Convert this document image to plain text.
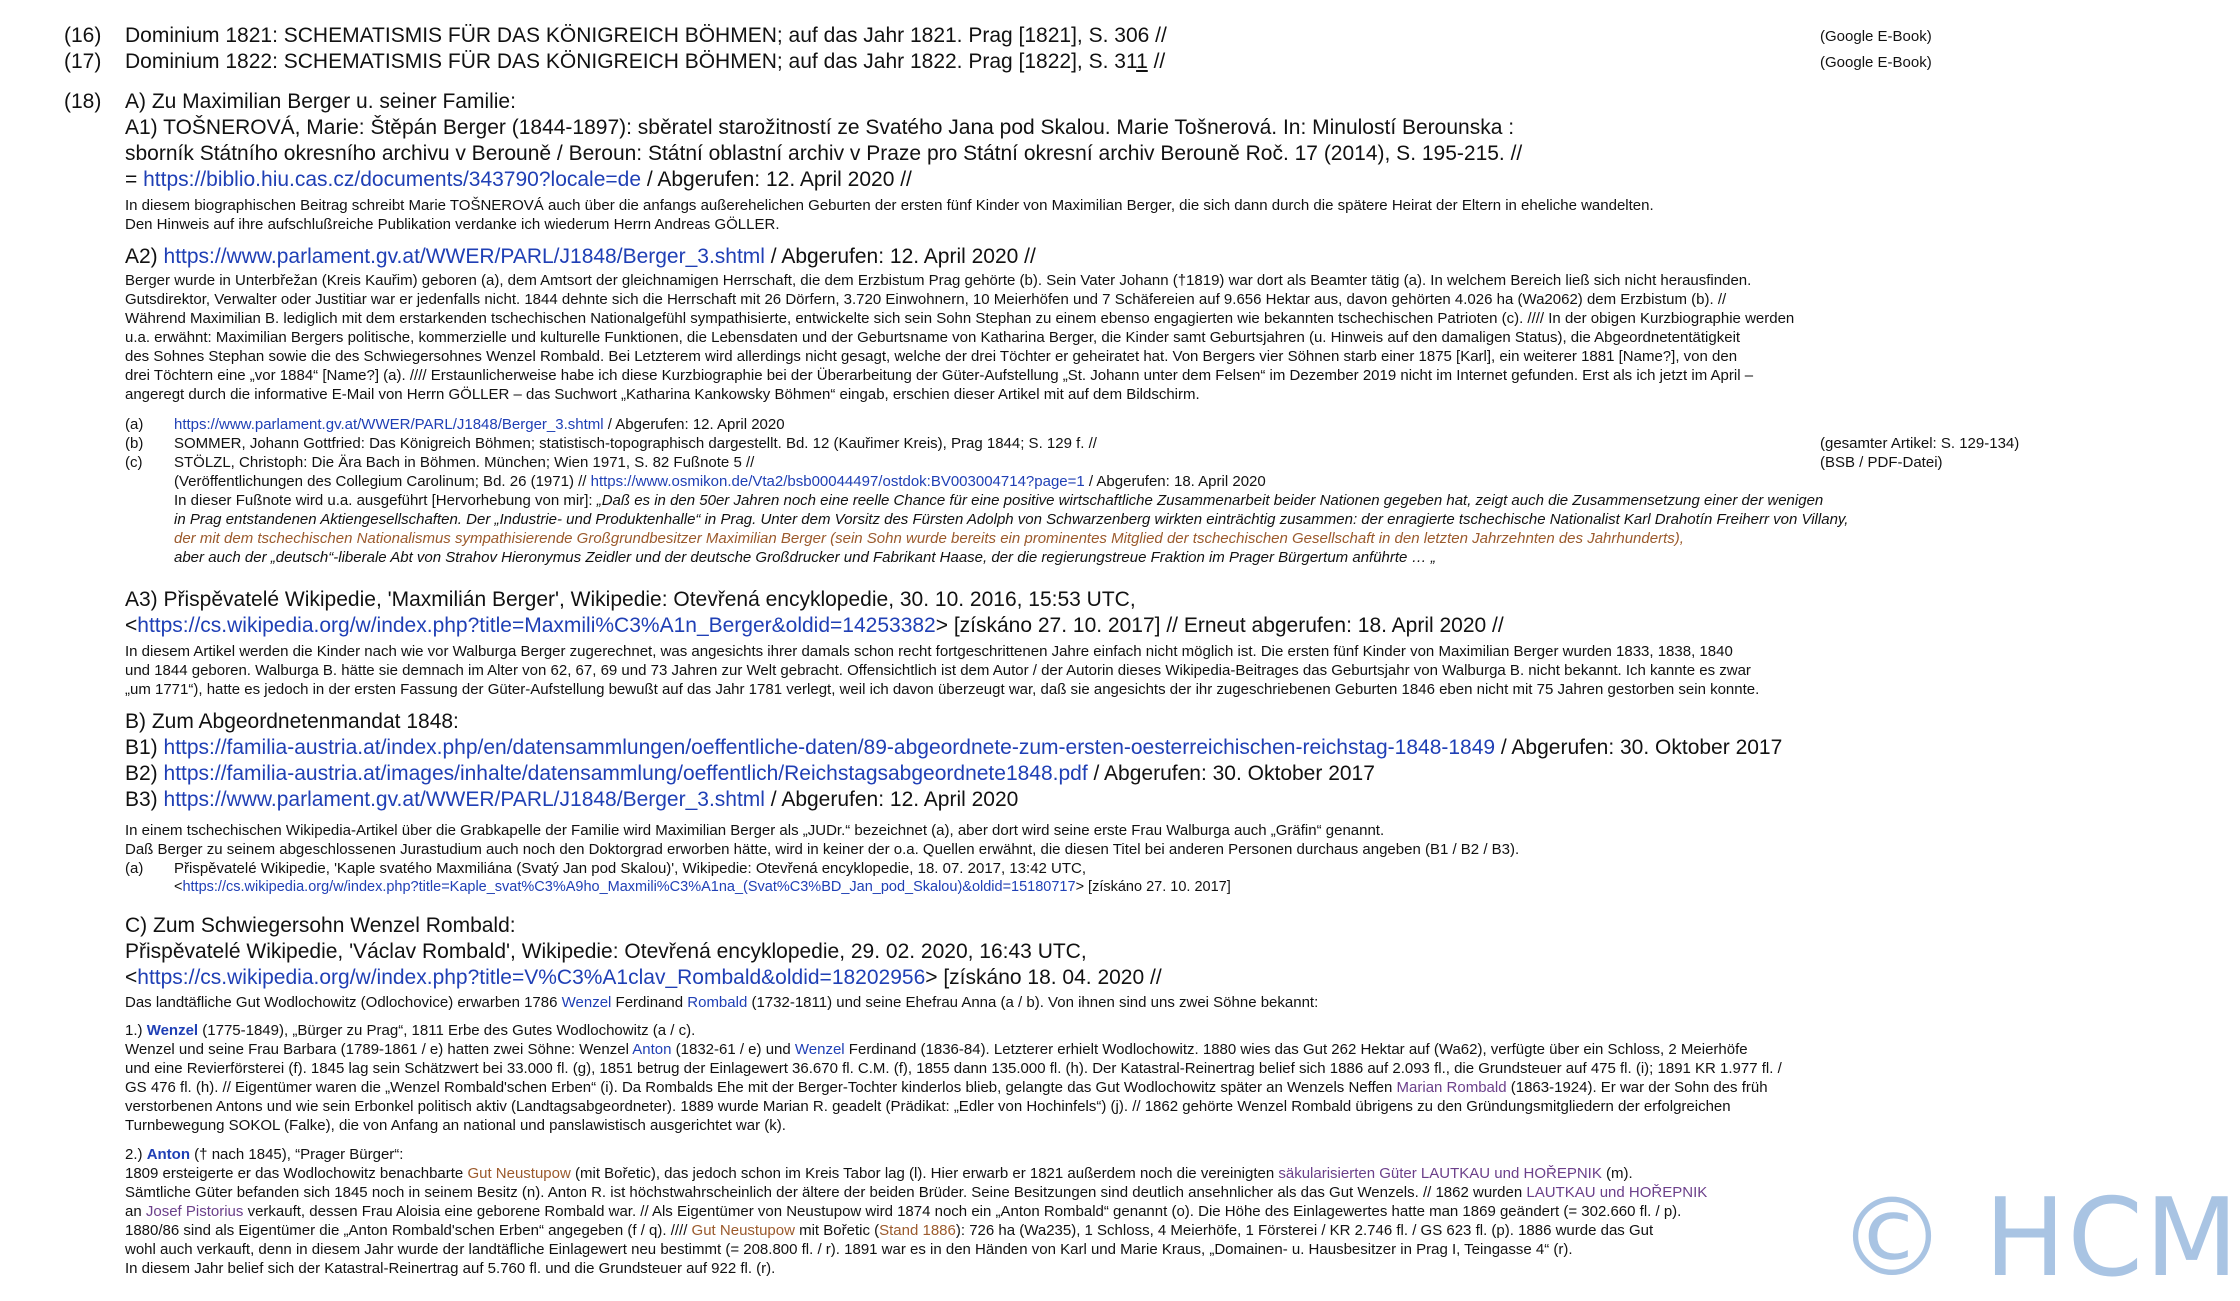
(16) Dominium 1821: SCHEMATISMIS FÜR DAS KÖNIGREICH BÖHMEN; auf das Jahr 1821. Prag [1821], S. 306 //	(Google E-Book)
(17) Dominium 1822: SCHEMATISMIS FÜR DAS KÖNIGREICH BÖHMEN; auf das Jahr 1822. Prag [1822], S. 311 //	(Google E-Book)
(18) A) Zu Maximilian Berger u. seiner Familie:
A1) TOŠNEROVÁ, Marie: Štěpán Berger (1844-1897): sběratel starožitností ze Svatého Jana pod Skalou. Marie Tošnerová. In: Minulostí Berounska :
sborník Státního okresního archivu v Berouně / Beroun: Státní oblastní archiv v Praze pro Státní okresní archiv Berouně Roč. 17 (2014), S. 195-215. //
= https://biblio.hiu.cas.cz/documents/343790?locale=de / Abgerufen: 12. April 2020 //
In diesem biographischen Beitrag schreibt Marie TOŠNEROVÁ auch über die anfangs außerehelichen Geburten der ersten fünf Kinder von Maximilian Berger, die sich dann durch die spätere Heirat der Eltern in eheliche wandelten.
Den Hinweis auf ihre aufschlußreiche Publikation verdanke ich wiederum Herrn Andreas GÖLLER.
A2) https://www.parlament.gv.at/WWER/PARL/J1848/Berger_3.shtml / Abgerufen: 12. April 2020 //
Berger wurde in Unterbřežan (Kreis Kauřim) geboren (a), dem Amtsort der gleichnamigen Herrschaft, die dem Erzbistum Prag gehörte (b). Sein Vater Johann (†1819) war dort als Beamter tätig (a). In welchem Bereich ließ sich nicht herausfinden.
Gutsdirektor, Verwalter oder Justitiar war er jedenfalls nicht. 1844 dehnte sich die Herrschaft mit 26 Dörfern, 3.720 Einwohnern, 10 Meierhöfen und 7 Schäfereien auf 9.656 Hektar aus, davon gehörten 4.026 ha (Wa2062) dem Erzbistum (b). //
Während Maximilian B. lediglich mit dem erstarkenden tschechischen Nationalgefühl sympathisierte, entwickelte sich sein Sohn Stephan zu einem ebenso engagierten wie bekannten tschechischen Patrioten (c). //// In der obigen Kurzbiographie werden
u.a. erwähnt: Maximilian Bergers politische, kommerzielle und kulturelle Funktionen, die Lebensdaten und der Geburtsname von Katharina Berger, die Kinder samt Geburtsjahren (u. Hinweis auf den damaligen Status), die Abgeordnetentätigkeit
des Sohnes Stephan sowie die des Schwiegersohnes Wenzel Rombald. Bei Letzterem wird allerdings nicht gesagt, welche der drei Töchter er geheiratet hat. Von Bergers vier Söhnen starb einer 1875 [Karl], ein weiterer 1881 [Name?], von den
drei Töchtern eine „vor 1884“ [Name?] (a). //// Erstaunlicherweise habe ich diese Kurzbiographie bei der Überarbeitung der Güter-Aufstellung „St. Johann unter dem Felsen“ im Dezember 2019 nicht im Internet gefunden. Erst als ich jetzt im April –
angeregt durch die informative E-Mail von Herrn GÖLLER – das Suchwort „Katharina Kankowsky Böhmen“ eingab, erschien dieser Artikel mit auf dem Bildschirm.
(a) https://www.parlament.gv.at/WWER/PARL/J1848/Berger_3.shtml / Abgerufen: 12. April 2020
(b) SOMMER, Johann Gottfried: Das Königreich Böhmen; statistisch-topographisch dargestellt. Bd. 12 (Kauřimer Kreis), Prag 1844; S. 129 f. //	(gesamter Artikel: S. 129-134)
(c) STÖLZL, Christoph: Die Ära Bach in Böhmen. München; Wien 1971, S. 82 Fußnote 5 //	(BSB / PDF-Datei)
(Veröffentlichungen des Collegium Carolinum; Bd. 26 (1971) // https://www.osmikon.de/Vta2/bsb00044497/ostdok:BV003004714?page=1 / Abgerufen: 18. April 2020
In dieser Fußnote wird u.a. ausgeführt [Hervorhebung von mir]: „Daß es in den 50er Jahren noch eine reelle Chance für eine positive wirtschaftliche Zusammenarbeit beider Nationen gegeben hat, zeigt auch die Zusammensetzung einer der wenigen
in Prag entstandenen Aktiengesellschaften. Der „Industrie- und Produktenhalle“ in Prag. Unter dem Vorsitz des Fürsten Adolph von Schwarzenberg wirkten einträchtig zusammen: der enragierte tschechische Nationalist Karl Drahotín Freiherr von Villany,
der mit dem tschechischen Nationalismus sympathisierende Großgrundbesitzer Maximilian Berger (sein Sohn wurde bereits ein prominentes Mitglied der tschechischen Gesellschaft in den letzten Jahrzehnten des Jahrhunderts),
aber auch der „deutsch“-liberale Abt von Strahov Hieronymus Zeidler und der deutsche Großdrucker und Fabrikant Haase, der die regierungstreue Fraktion im Prager Bürgertum anführte … „
A3) Přispěvatelé Wikipedie, 'Maxmilián Berger', Wikipedie: Otevřená encyklopedie, 30. 10. 2016, 15:53 UTC,
<https://cs.wikipedia.org/w/index.php?title=Maxmili%C3%A1n_Berger&oldid=14253382> [získáno 27. 10. 2017] // Erneut abgerufen: 18. April 2020 //
In diesem Artikel werden die Kinder nach wie vor Walburga Berger zugerechnet, was angesichts ihrer damals schon recht fortgeschrittenen Jahre einfach nicht möglich ist. Die ersten fünf Kinder von Maximilian Berger wurden 1833, 1838, 1840
und 1844 geboren. Walburga B. hätte sie demnach im Alter von 62, 67, 69 und 73 Jahren zur Welt gebracht. Offensichtlich ist dem Autor / der Autorin dieses Wikipedia-Beitrages das Geburtsjahr von Walburga B. nicht bekannt. Ich kannte es zwar
„um 1771“), hatte es jedoch in der ersten Fassung der Güter-Aufstellung bewußt auf das Jahr 1781 verlegt, weil ich davon überzeugt war, daß sie angesichts der ihr zugeschriebenen Geburten 1846 eben nicht mit 75 Jahren gestorben sein konnte.
B) Zum Abgeordnetenmandat 1848:
B1) https://familia-austria.at/index.php/en/datensammlungen/oeffentliche-daten/89-abgeordnete-zum-ersten-oesterreichischen-reichstag-1848-1849 / Abgerufen: 30. Oktober 2017
B2) https://familia-austria.at/images/inhalte/datensammlung/oeffentlich/Reichstagsabgeordnete1848.pdf / Abgerufen: 30. Oktober 2017
B3) https://www.parlament.gv.at/WWER/PARL/J1848/Berger_3.shtml / Abgerufen: 12. April 2020
In einem tschechischen Wikipedia-Artikel über die Grabkapelle der Familie wird Maximilian Berger als „JUDr.“ bezeichnet (a), aber dort wird seine erste Frau Walburga auch „Gräfin“ genannt.
Daß Berger zu seinem abgeschlossenen Jurastudium auch noch den Doktorgrad erworben hätte, wird in keiner der o.a. Quellen erwähnt, die diesen Titel bei anderen Personen durchaus angeben (B1 / B2 / B3).
(a) Přispěvatelé Wikipedie, 'Kaple svatého Maxmiliána (Svatý Jan pod Skalou)', Wikipedie: Otevřená encyklopedie, 18. 07. 2017, 13:42 UTC,
<https://cs.wikipedia.org/w/index.php?title=Kaple_svat%C3%A9ho_Maxmili%C3%A1na_(Svat%C3%BD_Jan_pod_Skalou)&oldid=15180717> [získáno 27. 10. 2017]
C) Zum Schwiegersohn Wenzel Rombald:
Přispěvatelé Wikipedie, 'Václav Rombald', Wikipedie: Otevřená encyklopedie, 29. 02. 2020, 16:43 UTC,
<https://cs.wikipedia.org/w/index.php?title=V%C3%A1clav_Rombald&oldid=18202956> [získáno 18. 04. 2020 //
Das landtäfliche Gut Wodlochowitz (Odlochovice) erwarben 1786 Wenzel Ferdinand Rombald (1732-1811) und seine Ehefrau Anna (a / b). Von ihnen sind uns zwei Söhne bekannt:
1.) Wenzel (1775-1849), „Bürger zu Prag“, 1811 Erbe des Gutes Wodlochowitz (a / c).
Wenzel und seine Frau Barbara (1789-1861 / e) hatten zwei Söhne: Wenzel Anton (1832-61 / e) und Wenzel Ferdinand (1836-84). Letzterer erhielt Wodlochowitz. 1880 wies das Gut 262 Hektar auf (Wa62), verfügte über ein Schloss, 2 Meierhöfe
und eine Revierförsterei (f). 1845 lag sein Schätzwert bei 33.000 fl. (g), 1851 betrug der Einlagewert 36.670 fl. C.M. (f), 1855 dann 135.000 fl. (h). Der Katastral-Reinertrag belief sich 1886 auf 2.093 fl., die Grundsteuer auf 475 fl. (i); 1891 KR 1.977 fl. /
GS 476 fl. (h). // Eigentümer waren die „Wenzel Rombald'schen Erben“ (i). Da Rombalds Ehe mit der Berger-Tochter kinderlos blieb, gelangte das Gut Wodlochowitz später an Wenzels Neffen Marian Rombald (1863-1924). Er war der Sohn des früh
verstorbenen Antons und wie sein Erbonkel politisch aktiv (Landtagsabgeordneter). 1889 wurde Marian R. geadelt (Prädikat: „Edler von Hochinfels“) (j). // 1862 gehörte Wenzel Rombald übrigens zu den Gründungsmitgliedern der erfolgreichen
Turnbewegung SOKOL (Falke), die von Anfang an national und panslawistisch ausgerichtet war (k).
2.) Anton († nach 1845), “Prager Bürger“:
1809 ersteigerte er das Wodlochowitz benachbarte Gut Neustupow (mit Bořetic), das jedoch schon im Kreis Tabor lag (l). Hier erwarb er 1821 außerdem noch die vereinigten säkularisierten Güter LAUTKAU und HOŘEPNIK (m).
Sämtliche Güter befanden sich 1845 noch in seinem Besitz (n). Anton R. ist höchstwahrscheinlich der ältere der beiden Brüder. Seine Besitzungen sind deutlich ansehnlicher als das Gut Wenzels. // 1862 wurden LAUTKAU und HOŘEPNIK
an Josef Pistorius verkauft, dessen Frau Aloisia eine geborene Rombald war. // Als Eigentümer von Neustupow wird 1874 noch ein „Anton Rombald“ genannt (o). Die Höhe des Einlagewertes hatte man 1869 geändert (= 302.660 fl. / p).
1880/86 sind als Eigentümer die „Anton Rombald'schen Erben“ angegeben (f / q). //// Gut Neustupow mit Bořetic (Stand 1886): 726 ha (Wa235), 1 Schloss, 4 Meierhöfe, 1 Försterei / KR 2.746 fl. / GS 623 fl. (p). 1886 wurde das Gut
wohl auch verkauft, denn in diesem Jahr wurde der landtäfliche Einlagewert neu bestimmt (= 208.800 fl. / r). 1891 war es in den Händen von Karl und Marie Kraus, „Domainen- u. Hausbesitzer in Prag I, Teingasse 4“ (r).
In diesem Jahr belief sich der Katastral-Reinertrag auf 5.760 fl. und die Grundsteuer auf 922 fl. (r).	© HCM
